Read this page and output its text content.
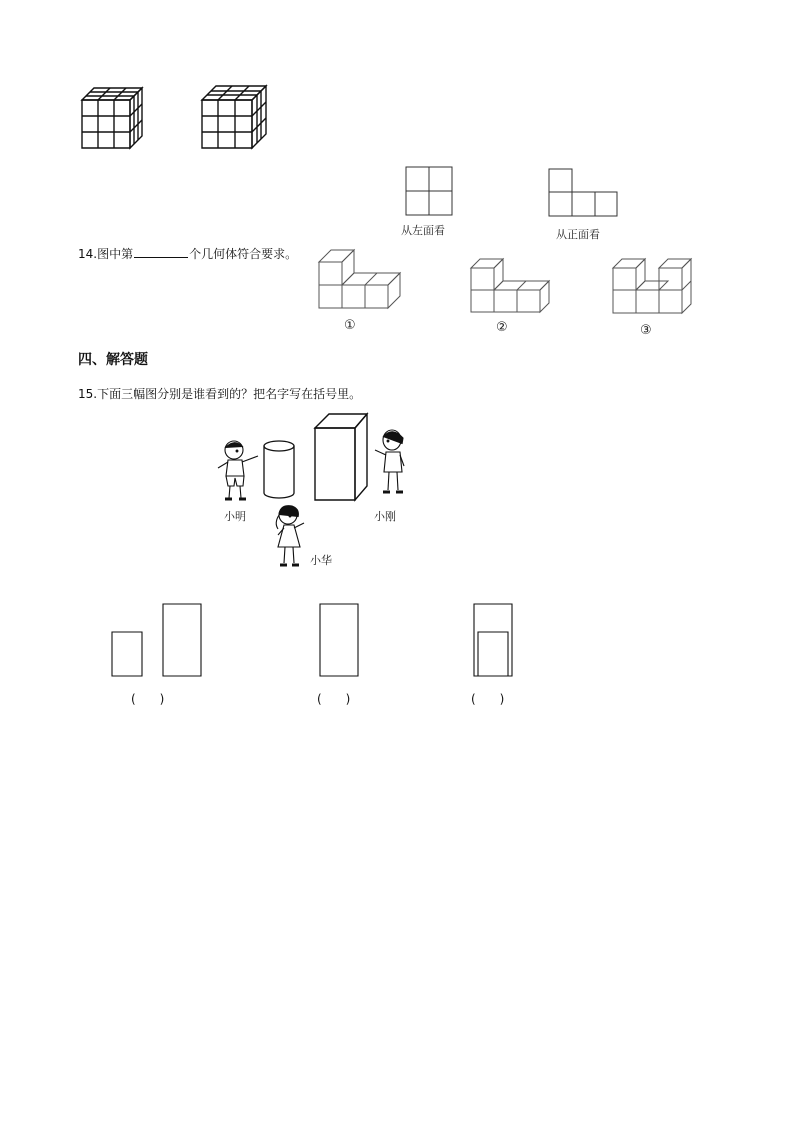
从左面看	从正面看
14.图中第	个几何体符合要求。
①	②	③
四、解答题
15.下面三幅图分别是谁看到的？把名字写在括号里。
小明	小刚
小华
(　　)	(　　)	(　　)
